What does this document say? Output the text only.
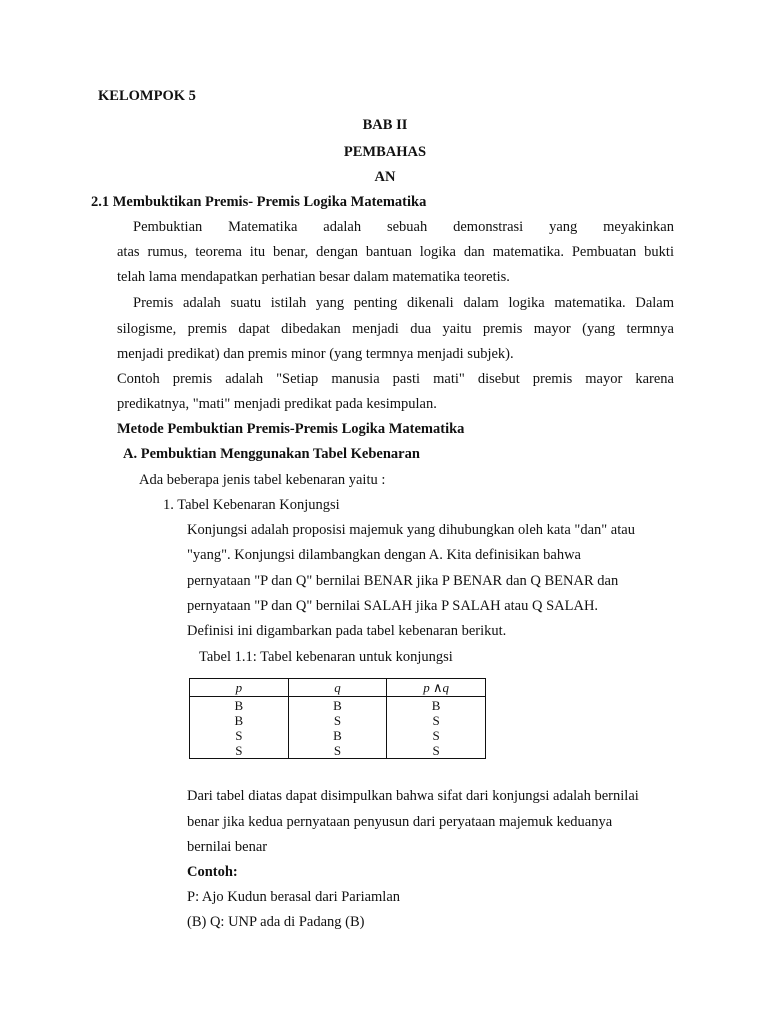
KELOMPOK 5
BAB II
PEMBAHAS
AN
2.1 Membuktikan Premis- Premis Logika Matematika
Pembuktian Matematika adalah sebuah demonstrasi yang meyakinkan
atas rumus, teorema itu benar, dengan bantuan logika dan matematika. Pembuatan bukti
telah lama mendapatkan perhatian besar dalam matematika teoretis.
Premis adalah suatu istilah yang penting dikenali dalam logika matematika. Dalam
silogisme, premis dapat dibedakan menjadi dua yaitu premis mayor (yang termnya
menjadi predikat) dan premis minor (yang termnya menjadi subjek).
Contoh premis adalah "Setiap manusia pasti mati" disebut premis mayor karena
predikatnya, "mati" menjadi predikat pada kesimpulan.
Metode Pembuktian Premis-Premis Logika Matematika
A. Pembuktian Menggunakan Tabel Kebenaran
Ada beberapa jenis tabel kebenaran yaitu :
1. Tabel Kebenaran Konjungsi
Konjungsi adalah proposisi majemuk yang dihubungkan oleh kata "dan" atau
"yang". Konjungsi dilambangkan dengan A. Kita definisikan bahwa
pernyataan "P dan Q" bernilai BENAR jika P BENAR dan Q BENAR dan
pernyataan "P dan Q" bernilai SALAH jika P SALAH atau Q SALAH.
Definisi ini digambarkan pada tabel kebenaran berikut.
Tabel 1.1: Tabel kebenaran untuk konjungsi
p	q	p ∧q
B	B	B
B	S	S
S	B	S
S	S	S
Dari tabel diatas dapat disimpulkan bahwa sifat dari konjungsi adalah bernilai
benar jika kedua pernyataan penyusun dari peryataan majemuk keduanya
bernilai benar
Contoh:
P: Ajo Kudun berasal dari Pariamlan
(B) Q: UNP ada di Padang (B)
